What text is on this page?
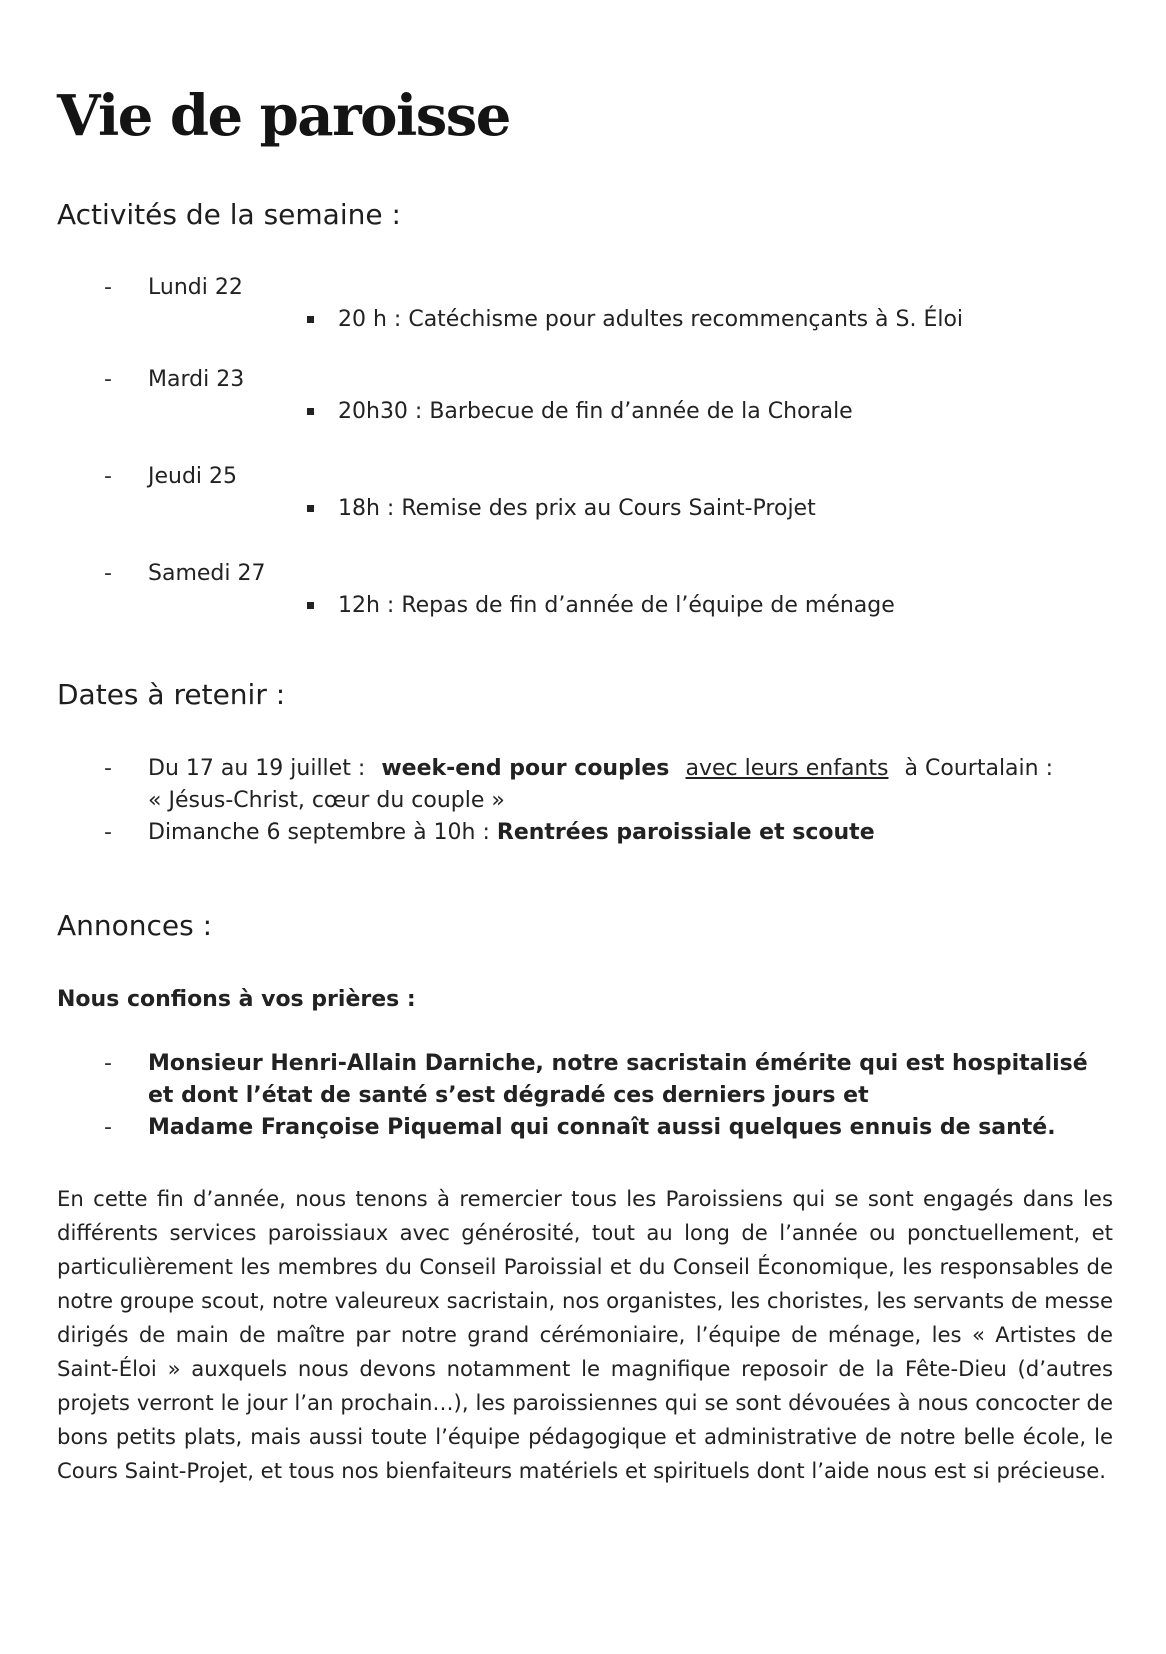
Vie de paroisse
Activités de la semaine :
- Lundi 22
20 h : Catéchisme pour adultes recommençants à S. Éloi
- Mardi 23
20h30 : Barbecue de fin d’année de la Chorale
- Jeudi 25
18h : Remise des prix au Cours Saint-Projet
- Samedi 27
12h : Repas de fin d’année de l’équipe de ménage
Dates à retenir :
- Du 17 au 19 juillet : week-end pour couples avec leurs enfants à Courtalain :
« Jésus-Christ, cœur du couple »
- Dimanche 6 septembre à 10h : Rentrées paroissiale et scoute
Annonces :
Nous confions à vos prières :
- Monsieur Henri-Allain Darniche, notre sacristain émérite qui est hospitalisé
et dont l’état de santé s’est dégradé ces derniers jours et
- Madame Françoise Piquemal qui connaît aussi quelques ennuis de santé.

En cette fin d’année, nous tenons à remercier tous les Paroissiens qui se sont engagés dans les différents services paroissiaux avec générosité, tout au long de l’année ou ponctuellement, et particulièrement les membres du Conseil Paroissial et du Conseil Économique, les responsables de notre groupe scout, notre valeureux sacristain, nos organistes, les choristes, les servants de messe dirigés de main de maître par notre grand cérémoniaire, l’équipe de ménage, les « Artistes de Saint-Éloi » auxquels nous devons notamment le magnifique reposoir de la Fête-Dieu (d’autres projets verront le jour l’an prochain…), les paroissiennes qui se sont dévouées à nous concocter de bons petits plats, mais aussi toute l’équipe pédagogique et administrative de notre belle école, le Cours Saint-Projet, et tous nos bienfaiteurs matériels et spirituels dont l’aide nous est si précieuse.
